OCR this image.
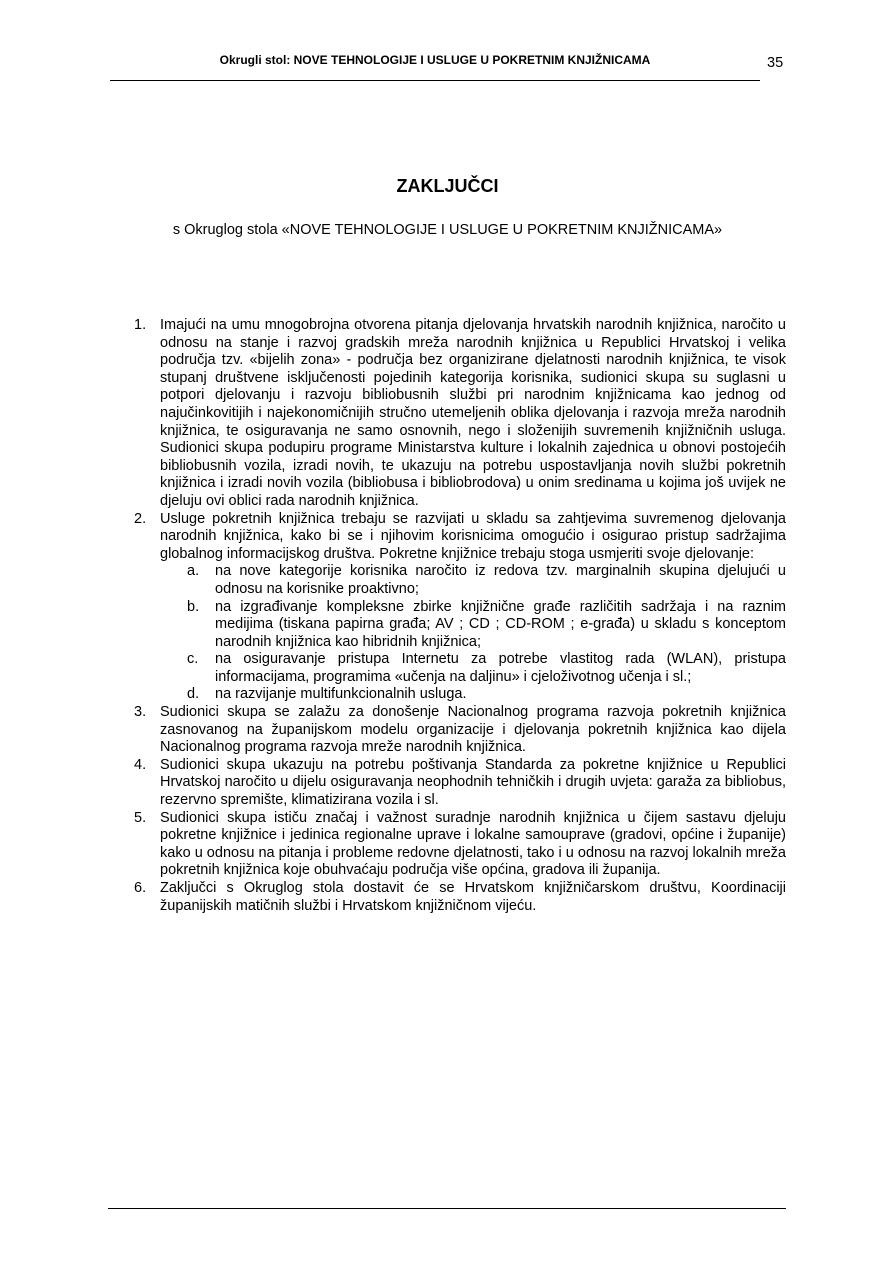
Okrugli stol: NOVE TEHNOLOGIJE I USLUGE U POKRETNIM KNJIŽNICAMA	35
ZAKLJUČCI
s Okruglog stola «NOVE TEHNOLOGIJE I USLUGE U POKRETNIM KNJIŽNICAMA»
1. Imajući na umu mnogobrojna otvorena pitanja djelovanja hrvatskih narodnih knjižnica, naročito u odnosu na stanje i razvoj gradskih mreža narodnih knjižnica u Republici Hrvatskoj i velika područja tzv. «bijelih zona» - područja bez organizirane djelatnosti narodnih knjižnica, te visok stupanj društvene isključenosti pojedinih kategorija korisnika, sudionici skupa su suglasni u potpori djelovanju i razvoju bibliobusnih službi pri narodnim knjižnicama kao jednog od najučinkovitijih i najekonomičnijih stručno utemeljenih oblika djelovanja i razvoja mreža narodnih knjižnica, te osiguravanja ne samo osnovnih, nego i složenijih suvremenih knjižničnih usluga. Sudionici skupa podupiru programe Ministarstva kulture i lokalnih zajednica u obnovi postojećih bibliobusnih vozila, izradi novih, te ukazuju na potrebu uspostavljanja novih službi pokretnih knjižnica i izradi novih vozila (bibliobusa i bibliobrodova) u onim sredinama u kojima još uvijek ne djeluju ovi oblici rada narodnih knjižnica.
2. Usluge pokretnih knjižnica trebaju se razvijati u skladu sa zahtjevima suvremenog djelovanja narodnih knjižnica, kako bi se i njihovim korisnicima omogućio i osigurao pristup sadržajima globalnog informacijskog društva. Pokretne knjižnice trebaju stoga usmjeriti svoje djelovanje:
a. na nove kategorije korisnika naročito iz redova tzv. marginalnih skupina djelujući u odnosu na korisnike proaktivno;
b. na izgrađivanje kompleksne zbirke knjižnične građe različitih sadržaja i na raznim medijima (tiskana papirna građa; AV ; CD ; CD-ROM ; e-građa) u skladu s konceptom narodnih knjižnica kao hibridnih knjižnica;
c. na osiguravanje pristupa Internetu za potrebe vlastitog rada (WLAN), pristupa informacijama, programima «učenja na daljinu» i cjeloživotnog učenja i sl.;
d. na razvijanje multifunkcionalnih usluga.
3. Sudionici skupa se zalažu za donošenje Nacionalnog programa razvoja pokretnih knjižnica zasnovanog na županijskom modelu organizacije i djelovanja pokretnih knjižnica kao dijela Nacionalnog programa razvoja mreže narodnih knjižnica.
4. Sudionici skupa ukazuju na potrebu poštivanja Standarda za pokretne knjižnice u Republici Hrvatskoj naročito u dijelu osiguravanja neophodnih tehničkih i drugih uvjeta: garaža za bibliobus, rezervno spremište, klimatizirana vozila i sl.
5. Sudionici skupa ističu značaj i važnost suradnje narodnih knjižnica u čijem sastavu djeluju pokretne knjižnice i jedinica regionalne uprave i lokalne samouprave (gradovi, općine i županije) kako u odnosu na pitanja i probleme redovne djelatnosti, tako i u odnosu na razvoj lokalnih mreža pokretnih knjižnica koje obuhvaćaju područja više općina, gradova ili županija.
6. Zaključci s Okruglog stola dostavit će se Hrvatskom knjižničarskom društvu, Koordinaciji županijskih matičnih službi i Hrvatskom knjižničnom vijeću.
